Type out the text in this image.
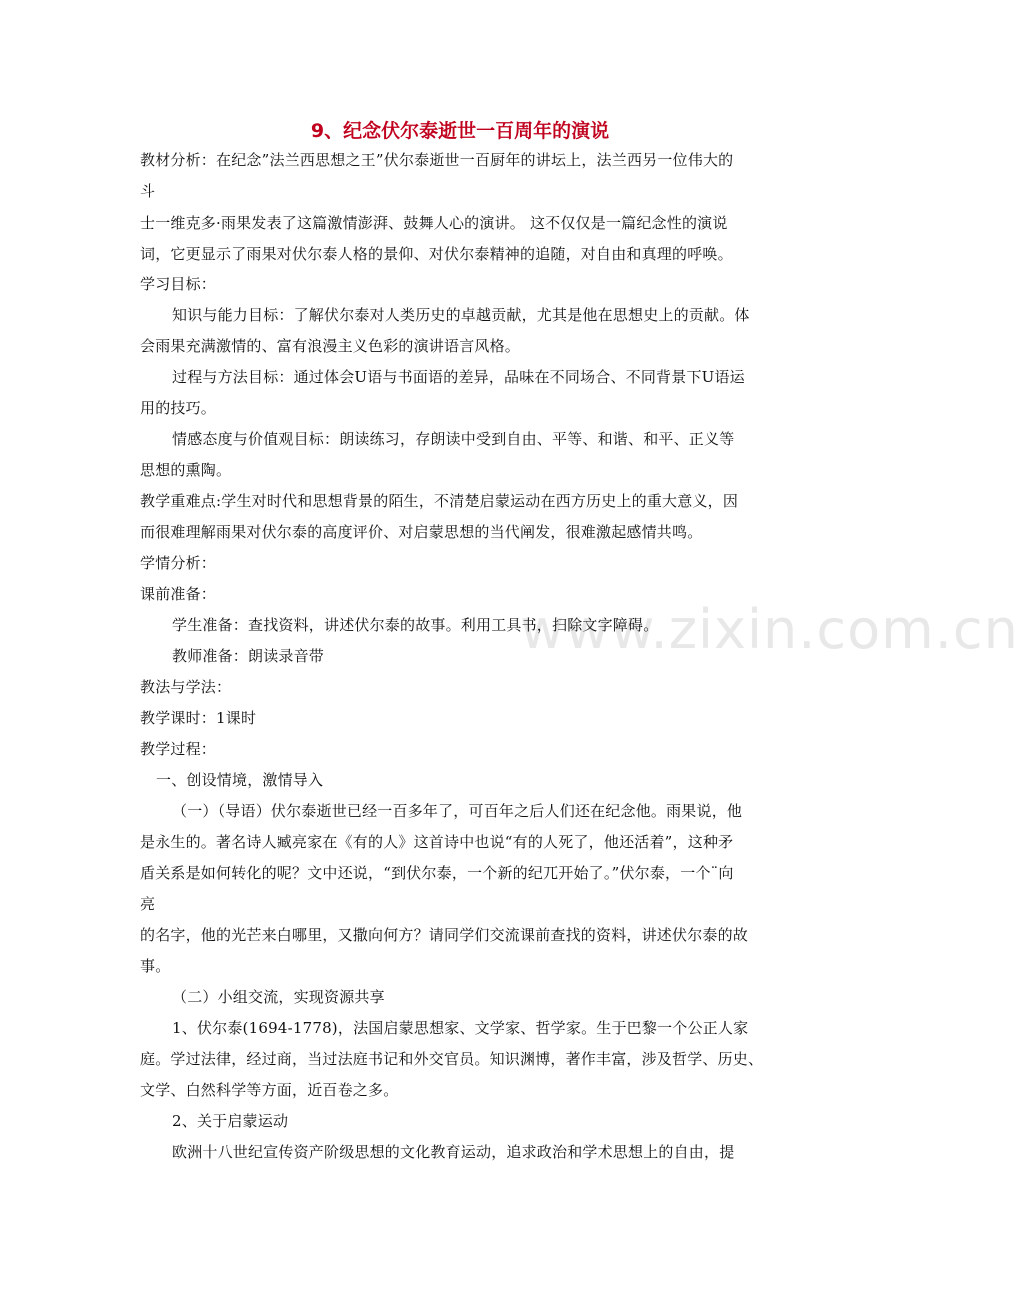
www.zixin.com.cn
9、纪念伏尔泰逝世一百周年的演说
教材分析：在纪念”法兰西思想之王”伏尔泰逝世一百厨年的讲坛上，法兰西另一位伟大的
斗
士一维克多·雨果发表了这篇激情澎湃、鼓舞人心的演讲。 这不仅仅是一篇纪念性的演说
词，它更显示了雨果对伏尔泰人格的景仰、对伏尔泰精神的追随，对自由和真理的呼唤。
学习目标：
知识与能力目标：了解伏尔泰对人类历史的卓越贡献，尤其是他在思想史上的贡献。体
会雨果充满激情的、富有浪漫主义色彩的演讲语言风格。
过程与方法目标：通过体会U语与书面语的差异，品味在不同场合、不同背景下U语运
用的技巧。
情感态度与价值观目标：朗读练习，存朗读中受到自由、平等、和谐、和平、正义等
思想的熏陶。
教学重难点:学生对时代和思想背景的陌生，不清楚启蒙运动在西方历史上的重大意义，因
而很难理解雨果对伏尔泰的高度评价、对启蒙思想的当代阐发，很难激起感情共鸣。
学情分析：
课前准备：
学生准备：查找资料，讲述伏尔泰的故事。利用工具书，扫除文字障碍。
教师准备：朗读录音带
教法与学法：
教学课时：1课时
教学过程：
一、创设情境，激情导入
（一）（导语）伏尔泰逝世已经一百多年了，可百年之后人们还在纪念他。雨果说，他
是永生的。著名诗人臧亮家在《有的人》这首诗中也说“有的人死了，他还活着”，这种矛
盾关系是如何转化的呢？文中还说，“到伏尔泰，一个新的纪兀开始了。”伏尔泰，一个¨向
亮
的名字，他的光芒来白哪里，又撒向何方？请同学们交流课前查找的资料，讲述伏尔泰的故
事。
（二）小组交流，实现资源共享
1、伏尔泰(1694-1778)，法国启蒙思想家、文学家、哲学家。生于巴黎一个公正人家
庭。学过法律，经过商，当过法庭书记和外交官员。知识渊博，著作丰富，涉及哲学、历史、
文学、白然科学等方面，近百卷之多。
2、关于启蒙运动
欧洲十八世纪宣传资产阶级思想的文化教育运动，追求政治和学术思想上的自由，提
